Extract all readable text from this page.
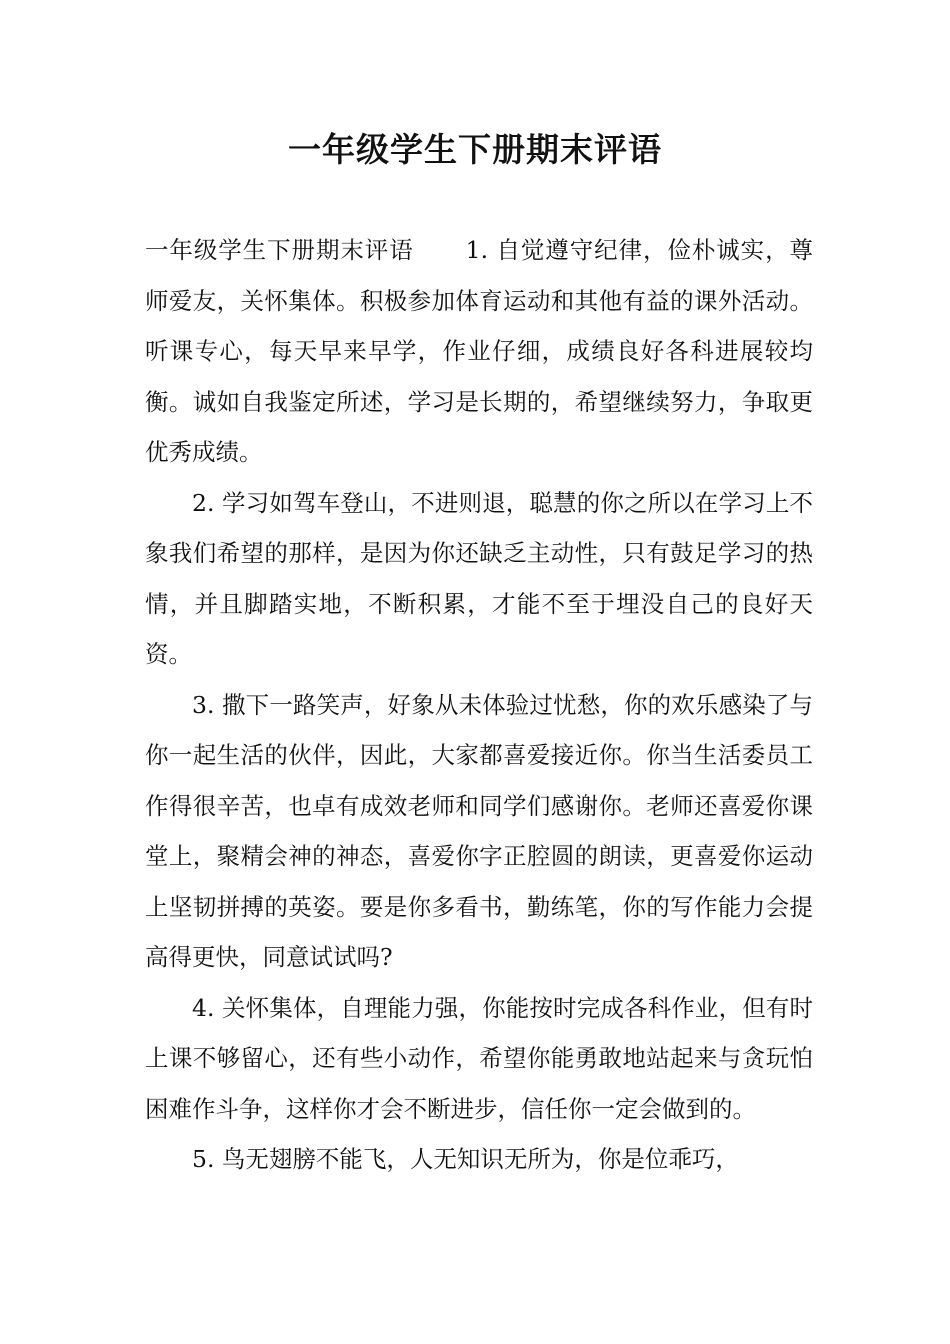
一年级学生下册期末评语

一年级学生下册期末评语 1. 自觉遵守纪律，俭朴诚实，尊师爱友，关怀集体。积极参加体育运动和其他有益的课外活动。听课专心，每天早来早学，作业仔细，成绩良好各科进展较均衡。诚如自我鉴定所述，学习是长期的，希望继续努力，争取更优秀成绩。

2. 学习如驾车登山，不进则退，聪慧的你之所以在学习上不象我们希望的那样，是因为你还缺乏主动性，只有鼓足学习的热情，并且脚踏实地，不断积累，才能不至于埋没自己的良好天资。

3. 撒下一路笑声，好象从未体验过忧愁，你的欢乐感染了与你一起生活的伙伴，因此，大家都喜爱接近你。你当生活委员工作得很辛苦，也卓有成效老师和同学们感谢你。老师还喜爱你课堂上，聚精会神的神态，喜爱你字正腔圆的朗读，更喜爱你运动上坚韧拼搏的英姿。要是你多看书，勤练笔，你的写作能力会提高得更快，同意试试吗?

4. 关怀集体，自理能力强，你能按时完成各科作业，但有时上课不够留心，还有些小动作，希望你能勇敢地站起来与贪玩怕困难作斗争，这样你才会不断进步，信任你一定会做到的。

5. 鸟无翅膀不能飞，人无知识无所为，你是位乖巧，
